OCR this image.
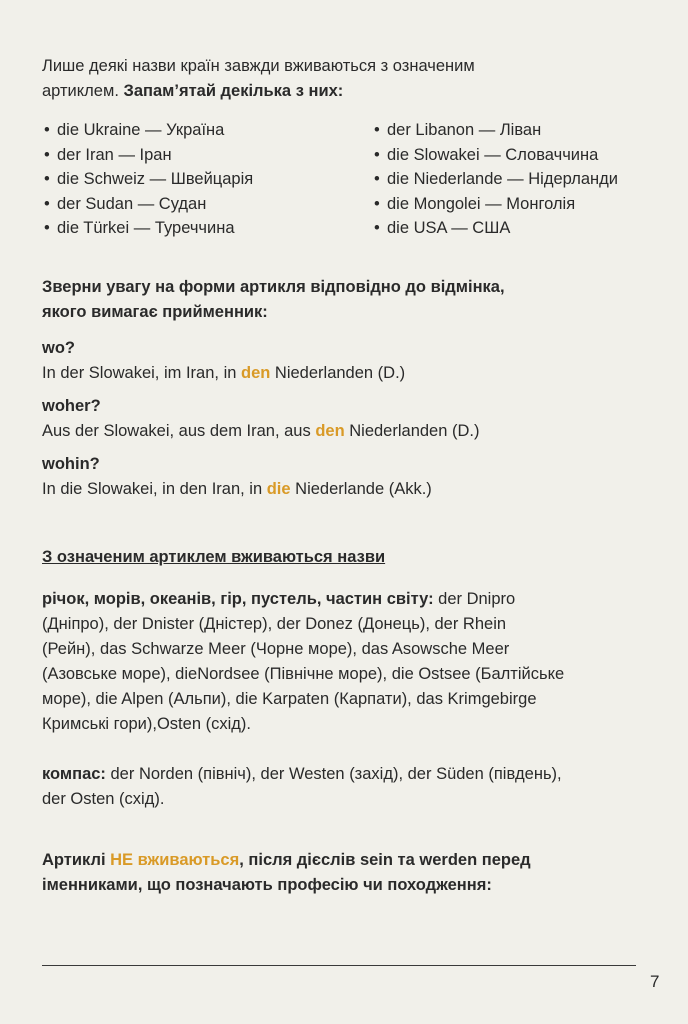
Лише деякі назви країн завжди вживаються з означеним

артиклем. Запам’ятай декілька з них:

• die Ukraine — Україна
• der Iran — Іран
• die Schweiz — Швейцарія
• der Sudan — Судан
• die Türkei — Туреччина
• der Libanon — Ліван
• die Slowakei — Словаччина
• die Niederlande — Нідерланди
• die Mongolei — Монголія
• die USA — США

Зверни увагу на форми артикля відповідно до відмінка,

якого вимагає прийменник:

wo?

In der Slowakei, im Iran, in den Niederlanden (D.)

woher?

Aus der Slowakei, aus dem Iran, aus den Niederlanden (D.)

wohin?

In die Slowakei, in den Iran, in die Niederlande (Akk.)

З означеним артиклем вживаються назви

річок, морів, океанів, гір, пустель, частин світу: der Dnipro

(Дніпро), der Dnister (Дністер), der Donez (Донець), der Rhein

(Рейн), das Schwarze Meer (Чорне море), das Asowsche Meer

(Азовське море), dieNordsee (Північне море), die Ostsee (Балтійське

море), die Alpen (Альпи), die Karpaten (Карпати), das Krimgebirge

Кримські гори),Osten (схід).

компас: der Norden (північ), der Westen (захід), der Süden (південь),

der Osten (схід).

Артиклі НЕ вживаються, після дієслів sein та werden перед

іменниками, що позначають професію чи походження:

7
